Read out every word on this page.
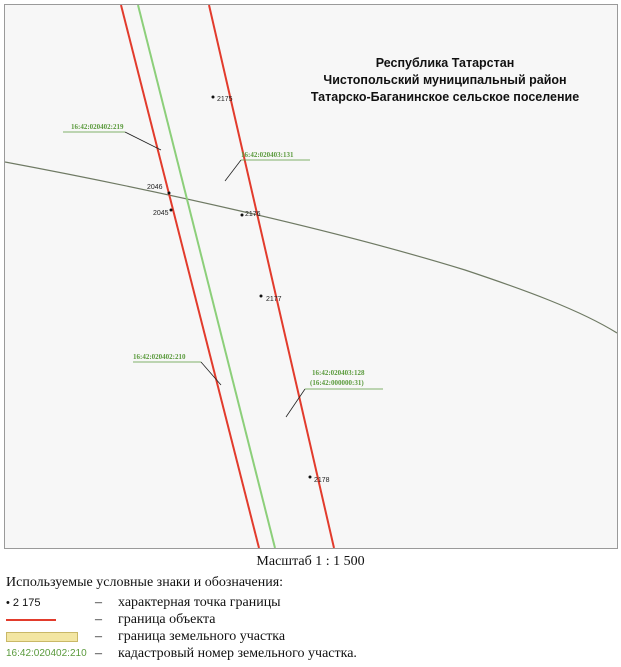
2175
2046
2045	2176
2177
2178
16:42:020402:219
16:42:020403:131
16:42:020402:210
16:42:020403:128
(16:42:000000:31)
Республика Татарстан
Чистопольский муниципальный район
Татарско-Баганинское сельское поселение
Масштаб 1 : 1 500
Используемые условные знаки и обозначения:
• 2 175	– характерная точка границы
– граница объекта
– граница земельного участка
16:42:020402:210 – кадастровый номер земельного участка.
